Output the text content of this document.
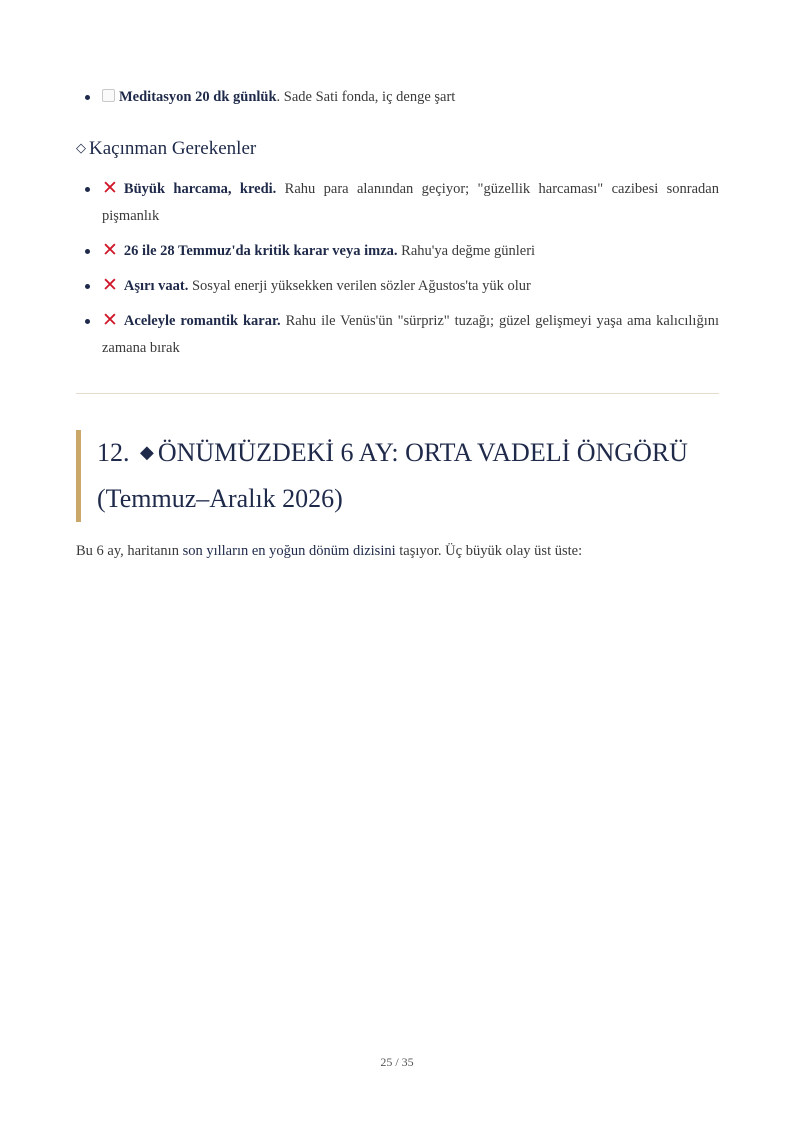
Meditasyon 20 dk günlük. Sade Sati fonda, iç denge şart
◇ Kaçınman Gerekenler
✕ Büyük harcama, kredi. Rahu para alanından geçiyor; "güzellik harcaması" cazibesi sonradan pişmanlık
✕ 26 ile 28 Temmuz'da kritik karar veya imza. Rahu'ya değme günleri
✕ Aşırı vaat. Sosyal enerji yüksekken verilen sözler Ağustos'ta yük olur
✕ Aceleyle romantik karar. Rahu ile Venüs'ün "sürpriz" tuzağı; güzel gelişmeyi yaşa ama kalıcılığını zamana bırak
12. ◆ ÖNÜMÜZDEKİ 6 AY: ORTA VADELİ ÖNGÖRÜ
(Temmuz–Aralık 2026)

Bu 6 ay, haritanın son yılların en yoğun dönüm dizisini taşıyor. Üç büyük olay üst üste:

25 / 35
